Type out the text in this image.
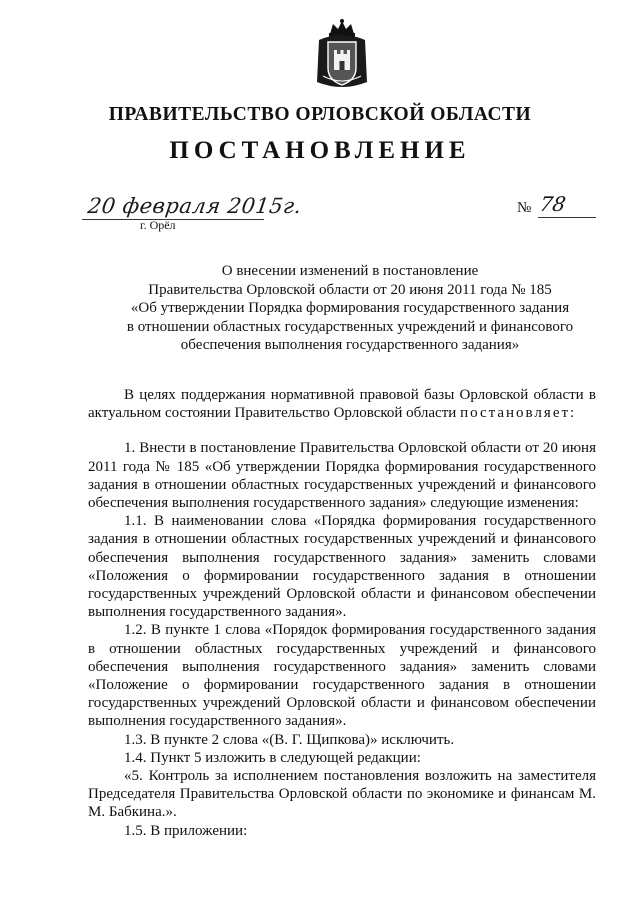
ПРАВИТЕЛЬСТВО ОРЛОВСКОЙ ОБЛАСТИ
ПОСТАНОВЛЕНИЕ
20 февраля 2015г.
г. Орёл
№ 78
О внесении изменений в постановление
Правительства Орловской области от 20 июня 2011 года № 185
«Об утверждении Порядка формирования государственного задания
в отношении областных государственных учреждений и финансового
обеспечения выполнения государственного задания»

В целях поддержания нормативной правовой базы Орловской области в актуальном состоянии Правительство Орловской области постановляет:

1. Внести в постановление Правительства Орловской области от 20 июня 2011 года № 185 «Об утверждении Порядка формирования государственного задания в отношении областных государственных учреждений и финансового обеспечения выполнения государственного задания» следующие изменения:

1.1. В наименовании слова «Порядка формирования государственного задания в отношении областных государственных учреждений и финансового обеспечения выполнения государственного задания» заменить словами «Положения о формировании государственного задания в отношении государственных учреждений Орловской области и финансовом обеспечении выполнения государственного задания».

1.2. В пункте 1 слова «Порядок формирования государственного задания в отношении областных государственных учреждений и финансового обеспечения выполнения государственного задания» заменить словами «Положение о формировании государственного задания в отношении государственных учреждений Орловской области и финансовом обеспечении выполнения государственного задания».

1.3. В пункте 2 слова «(В. Г. Щипкова)» исключить.

1.4. Пункт 5 изложить в следующей редакции:

«5. Контроль за исполнением постановления возложить на заместителя Председателя Правительства Орловской области по экономике и финансам М. М. Бабкина.».

1.5. В приложении:
